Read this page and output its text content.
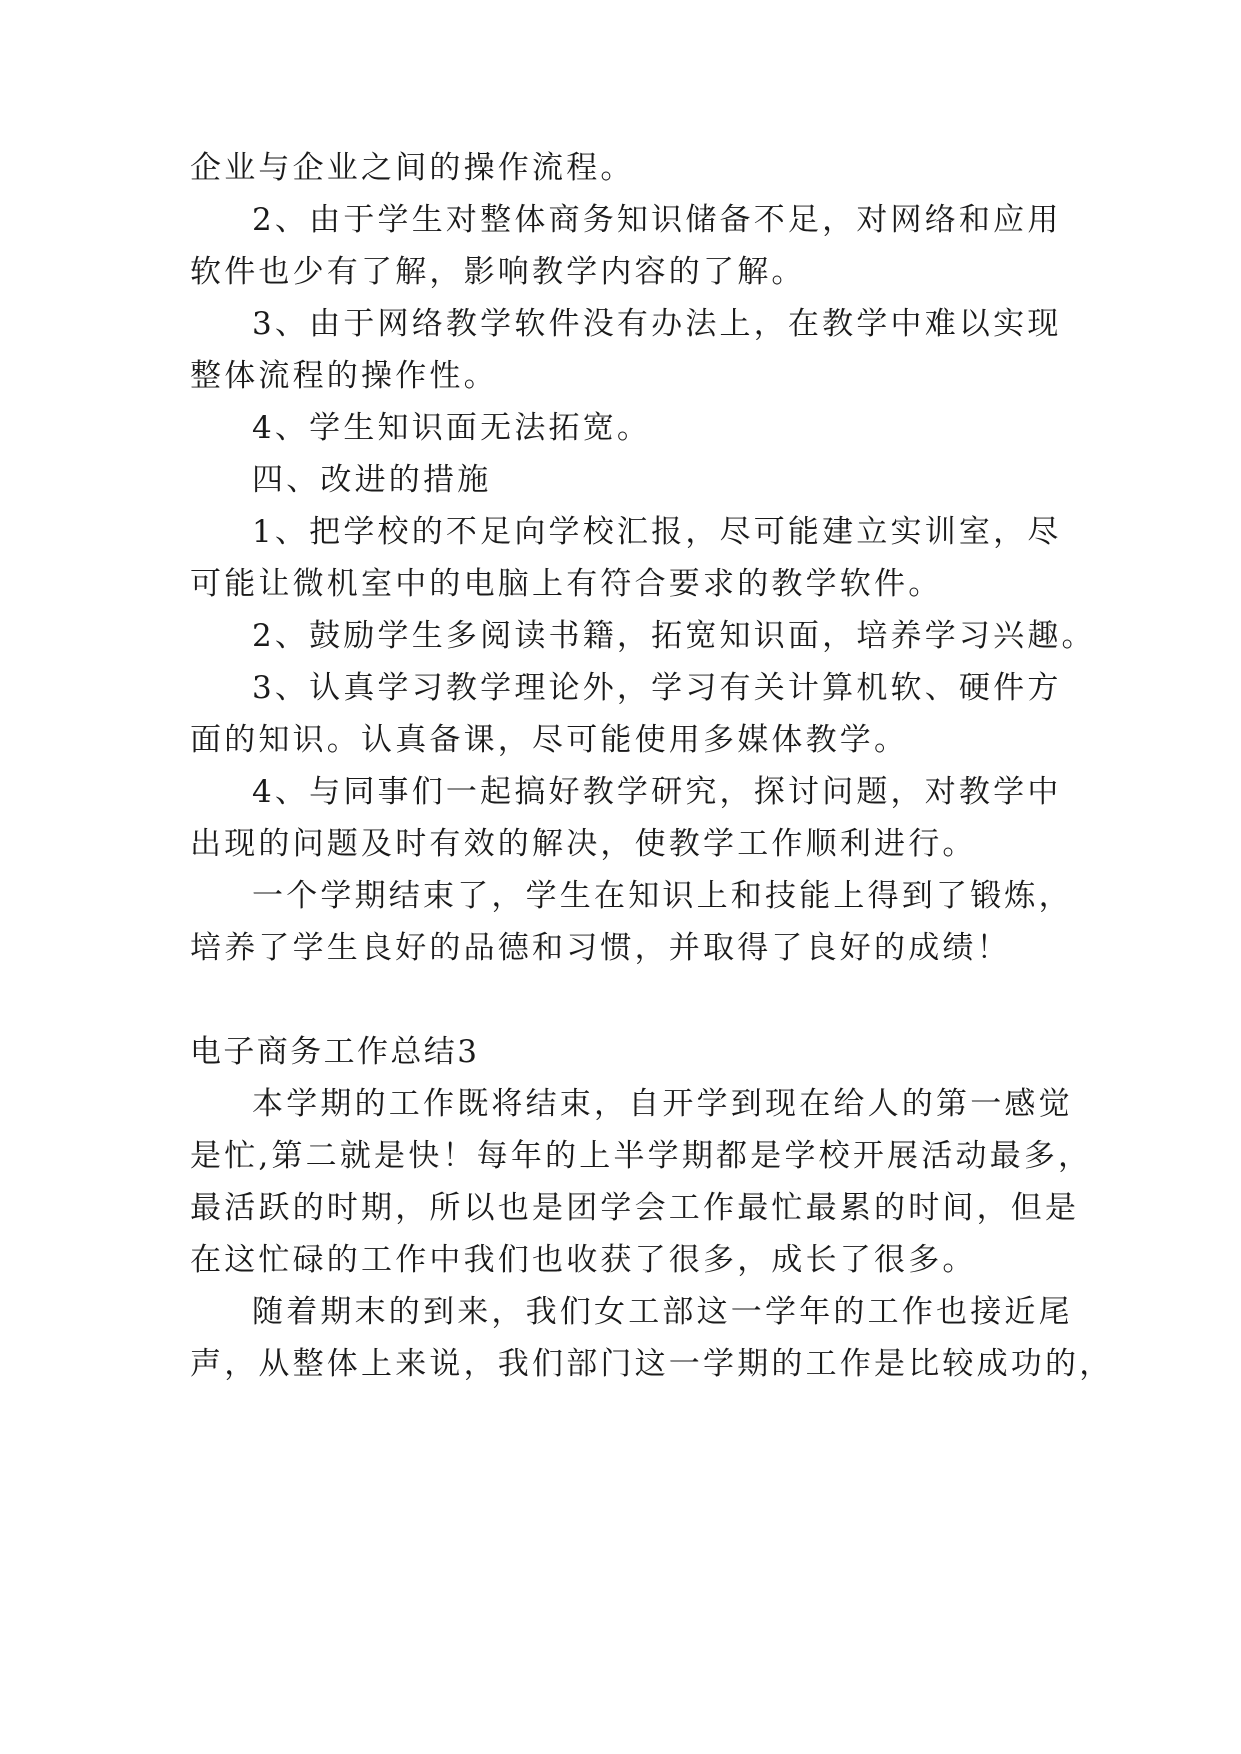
企业与企业之间的操作流程。
2、由于学生对整体商务知识储备不足，对网络和应用
软件也少有了解，影响教学内容的了解。
3、由于网络教学软件没有办法上，在教学中难以实现
整体流程的操作性。
4、学生知识面无法拓宽。
四、改进的措施
1、把学校的不足向学校汇报，尽可能建立实训室，尽
可能让微机室中的电脑上有符合要求的教学软件。
2、鼓励学生多阅读书籍，拓宽知识面，培养学习兴趣。
3、认真学习教学理论外，学习有关计算机软、硬件方
面的知识。认真备课，尽可能使用多媒体教学。
4、与同事们一起搞好教学研究，探讨问题，对教学中
出现的问题及时有效的解决，使教学工作顺利进行。
一个学期结束了，学生在知识上和技能上得到了锻炼，
培养了学生良好的品德和习惯，并取得了良好的成绩！
电子商务工作总结3
本学期的工作既将结束，自开学到现在给人的第一感觉
是忙,第二就是快！每年的上半学期都是学校开展活动最多，
最活跃的时期，所以也是团学会工作最忙最累的时间，但是
在这忙碌的工作中我们也收获了很多，成长了很多。
随着期末的到来，我们女工部这一学年的工作也接近尾
声，从整体上来说，我们部门这一学期的工作是比较成功的，
